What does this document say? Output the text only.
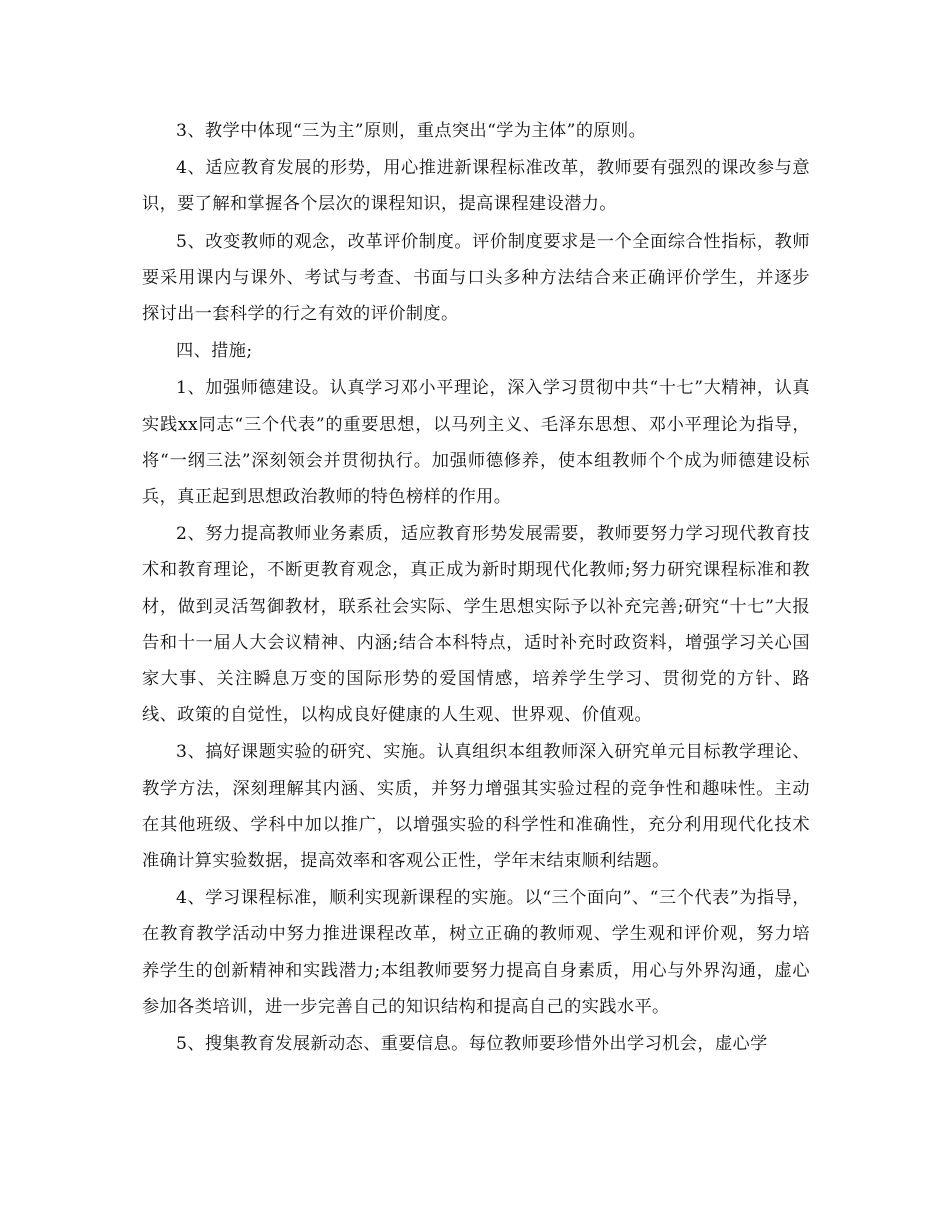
3、教学中体现“三为主”原则，重点突出“学为主体”的原则。

4、适应教育发展的形势，用心推进新课程标准改革，教师要有强烈的课改参与意识，要了解和掌握各个层次的课程知识，提高课程建设潜力。

5、改变教师的观念，改革评价制度。评价制度要求是一个全面综合性指标，教师要采用课内与课外、考试与考查、书面与口头多种方法结合来正确评价学生，并逐步探讨出一套科学的行之有效的评价制度。

四、措施;

1、加强师德建设。认真学习邓小平理论，深入学习贯彻中共“十七”大精神，认真实践xx同志“三个代表”的重要思想，以马列主义、毛泽东思想、邓小平理论为指导，将“一纲三法”深刻领会并贯彻执行。加强师德修养，使本组教师个个成为师德建设标兵，真正起到思想政治教师的特色榜样的作用。

2、努力提高教师业务素质，适应教育形势发展需要，教师要努力学习现代教育技术和教育理论，不断更教育观念，真正成为新时期现代化教师;努力研究课程标准和教材，做到灵活驾御教材，联系社会实际、学生思想实际予以补充完善;研究“十七”大报告和十一届人大会议精神、内涵;结合本科特点，适时补充时政资料，增强学习关心国家大事、关注瞬息万变的国际形势的爱国情感，培养学生学习、贯彻党的方针、路线、政策的自觉性，以构成良好健康的人生观、世界观、价值观。

3、搞好课题实验的研究、实施。认真组织本组教师深入研究单元目标教学理论、教学方法，深刻理解其内涵、实质，并努力增强其实验过程的竞争性和趣味性。主动在其他班级、学科中加以推广，以增强实验的科学性和准确性，充分利用现代化技术准确计算实验数据，提高效率和客观公正性，学年末结束顺利结题。

4、学习课程标准，顺利实现新课程的实施。以“三个面向”、“三个代表”为指导，在教育教学活动中努力推进课程改革，树立正确的教师观、学生观和评价观，努力培养学生的创新精神和实践潜力;本组教师要努力提高自身素质，用心与外界沟通，虚心参加各类培训，进一步完善自己的知识结构和提高自己的实践水平。

5、搜集教育发展新动态、重要信息。每位教师要珍惜外出学习机会，虚心学
